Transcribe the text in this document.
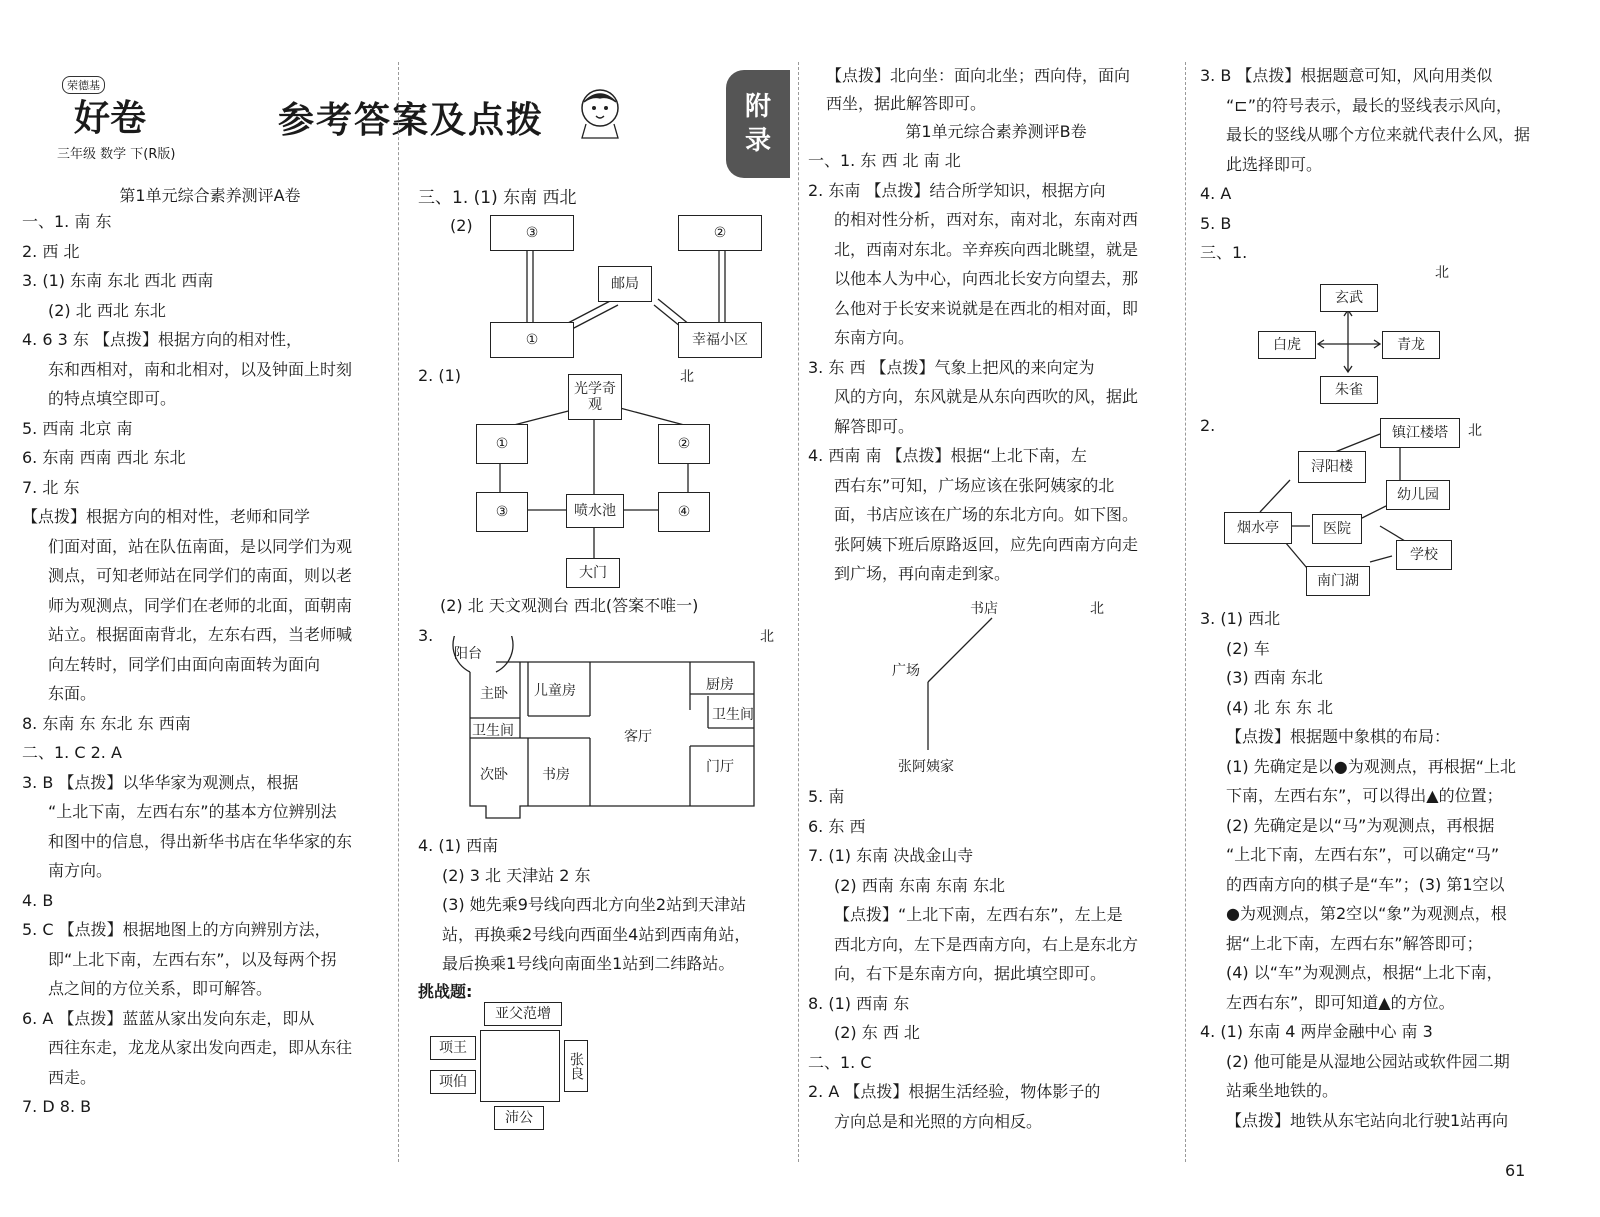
荣德基
好卷
三年级 数学 下(R版)
参考答案及点拨	附
录
第1单元综合素养测评A卷
一、1. 南 东
2. 西 北
3. (1) 东南 东北 西北 西南
(2) 北 西北 东北
4. 6 3 东 【点拨】根据方向的相对性，
东和西相对，南和北相对，以及钟面上时刻
的特点填空即可。
5. 西南 北京 南
6. 东南 西南 西北 东北
7. 北 东
【点拨】根据方向的相对性，老师和同学
们面对面，站在队伍南面，是以同学们为观
测点，可知老师站在同学们的南面，则以老
师为观测点，同学们在老师的北面，面朝南
站立。根据面南背北，左东右西，当老师喊
向左转时，同学们由面向南面转为面向
东面。
8. 东南 东 东北 东 西南
二、1. C 2. A
3. B 【点拨】以华华家为观测点，根据
“上北下南，左西右东”的基本方位辨别法
和图中的信息，得出新华书店在华华家的东
南方向。
4. B
5. C 【点拨】根据地图上的方向辨别方法，
即“上北下南，左西右东”，以及每两个拐
点之间的方位关系，即可解答。
6. A 【点拨】蓝蓝从家出发向东走，即从
西往东走，龙龙从家出发向西走，即从东往
西走。
7. D 8. B
三、1. (1) 东南 西北
(2)	③	②
邮局
①	幸福小区
2. (1)	北
光学奇观
①	②
③	喷水池	④
大门
(2) 北 天文观测台 西北(答案不唯一)
3.	北
阳台
主卧 儿童房	厨房
卫生间
卫生间
客厅
次卧 书房	门厅
4. (1) 西南
(2) 3 北 天津站 2 东
(3) 她先乘9号线向西北方向坐2站到天津站
站，再换乘2号线向西面坐4站到西南角站，
最后换乘1号线向南面坐1站到二纬路站。
挑战题:
亚父范增
项王
项伯
张良
沛公
【点拨】北向坐：面向北坐；西向侍，面向
西坐，据此解答即可。
第1单元综合素养测评B卷
一、1. 东 西 北 南 北
2. 东南 【点拨】结合所学知识，根据方向
的相对性分析，西对东，南对北，东南对西
北，西南对东北。辛弃疾向西北眺望，就是
以他本人为中心，向西北长安方向望去，那
么他对于长安来说就是在西北的相对面，即
东南方向。
3. 东 西 【点拨】气象上把风的来向定为
风的方向，东风就是从东向西吹的风，据此
解答即可。
4. 西南 南 【点拨】根据“上北下南，左
西右东”可知，广场应该在张阿姨家的北
面，书店应该在广场的东北方向。如下图。
张阿姨下班后原路返回，应先向西南方向走
到广场，再向南走到家。
书店	北
广场
张阿姨家
5. 南
6. 东 西
7. (1) 东南 决战金山寺
(2) 西南 东南 东南 东北
【点拨】“上北下南，左西右东”，左上是
西北方向，左下是西南方向，右上是东北方
向，右下是东南方向，据此填空即可。
8. (1) 西南 东
(2) 东 西 北
二、1. C
2. A 【点拨】根据生活经验，物体影子的
方向总是和光照的方向相反。
3. B 【点拨】根据题意可知，风向用类似
“⊏”的符号表示，最长的竖线表示风向，
最长的竖线从哪个方位来就代表什么风，据
此选择即可。
4. A
5. B
三、1.
北
玄武
白虎	青龙
朱雀
2.	镇江楼塔	北
浔阳楼
幼儿园
烟水亭	医院
学校
南门湖
3. (1) 西北
(2) 车
(3) 西南 东北
(4) 北 东 东 北
【点拨】根据题中象棋的布局：
(1) 先确定是以●为观测点，再根据“上北
下南，左西右东”，可以得出▲的位置；
(2) 先确定是以“马”为观测点，再根据
“上北下南，左西右东”，可以确定“马”
的西南方向的棋子是“车”；(3) 第1空以
●为观测点，第2空以“象”为观测点，根
据“上北下南，左西右东”解答即可；
(4) 以“车”为观测点，根据“上北下南，
左西右东”，即可知道▲的方位。
4. (1) 东南 4 两岸金融中心 南 3
(2) 他可能是从湿地公园站或软件园二期
站乘坐地铁的。
【点拨】地铁从东宅站向北行驶1站再向
61
